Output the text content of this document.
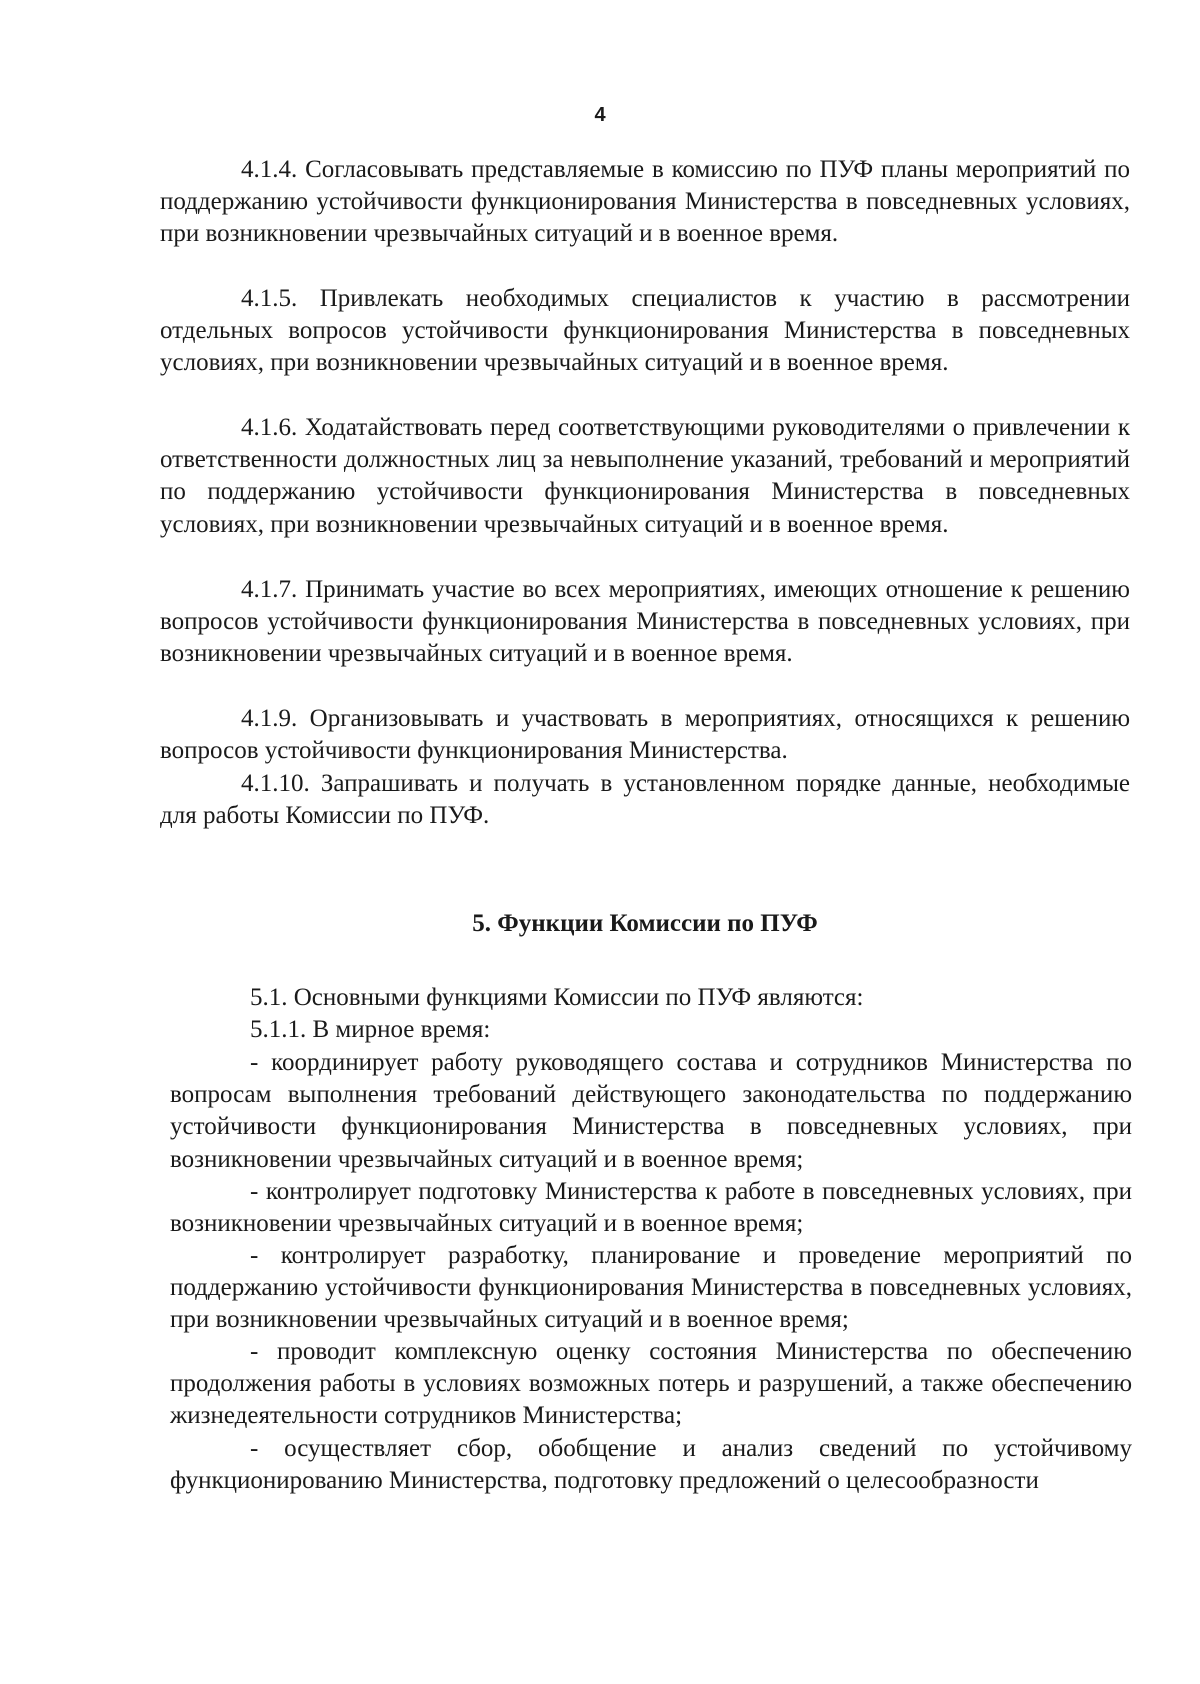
4

4.1.4. Согласовывать представляемые в комиссию по ПУФ планы мероприятий по поддержанию устойчивости функционирования Министерства в повседневных условиях, при возникновении чрезвычайных ситуаций и в военное время.

4.1.5. Привлекать необходимых специалистов к участию в рассмотрении отдельных вопросов устойчивости функционирования Министерства в повседневных условиях, при возникновении чрезвычайных ситуаций и в военное время.

4.1.6. Ходатайствовать перед соответствующими руководителями о привлечении к ответственности должностных лиц за невыполнение указаний, требований и мероприятий по поддержанию устойчивости функционирования Министерства в повседневных условиях, при возникновении чрезвычайных ситуаций и в военное время.

4.1.7. Принимать участие во всех мероприятиях, имеющих отношение к решению вопросов устойчивости функционирования Министерства в повседневных условиях, при возникновении чрезвычайных ситуаций и в военное время.

4.1.9. Организовывать и участвовать в мероприятиях, относящихся к решению вопросов устойчивости функционирования Министерства.

4.1.10. Запрашивать и получать в установленном порядке данные, необходимые для работы Комиссии по ПУФ.

5. Функции Комиссии по ПУФ

5.1. Основными функциями Комиссии по ПУФ являются:

5.1.1. В мирное время:

- координирует работу руководящего состава и сотрудников Министерства по вопросам выполнения требований действующего законодательства по поддержанию устойчивости функционирования Министерства в повседневных условиях, при возникновении чрезвычайных ситуаций и в военное время;

- контролирует подготовку Министерства к работе в повседневных условиях, при возникновении чрезвычайных ситуаций и в военное время;

- контролирует разработку, планирование и проведение мероприятий по поддержанию устойчивости функционирования Министерства в повседневных условиях, при возникновении чрезвычайных ситуаций и в военное время;

- проводит комплексную оценку состояния Министерства по обеспечению продолжения работы в условиях возможных потерь и разрушений, а также обеспечению жизнедеятельности сотрудников Министерства;

- осуществляет сбор, обобщение и анализ сведений по устойчивому функционированию Министерства, подготовку предложений о целесообразности
